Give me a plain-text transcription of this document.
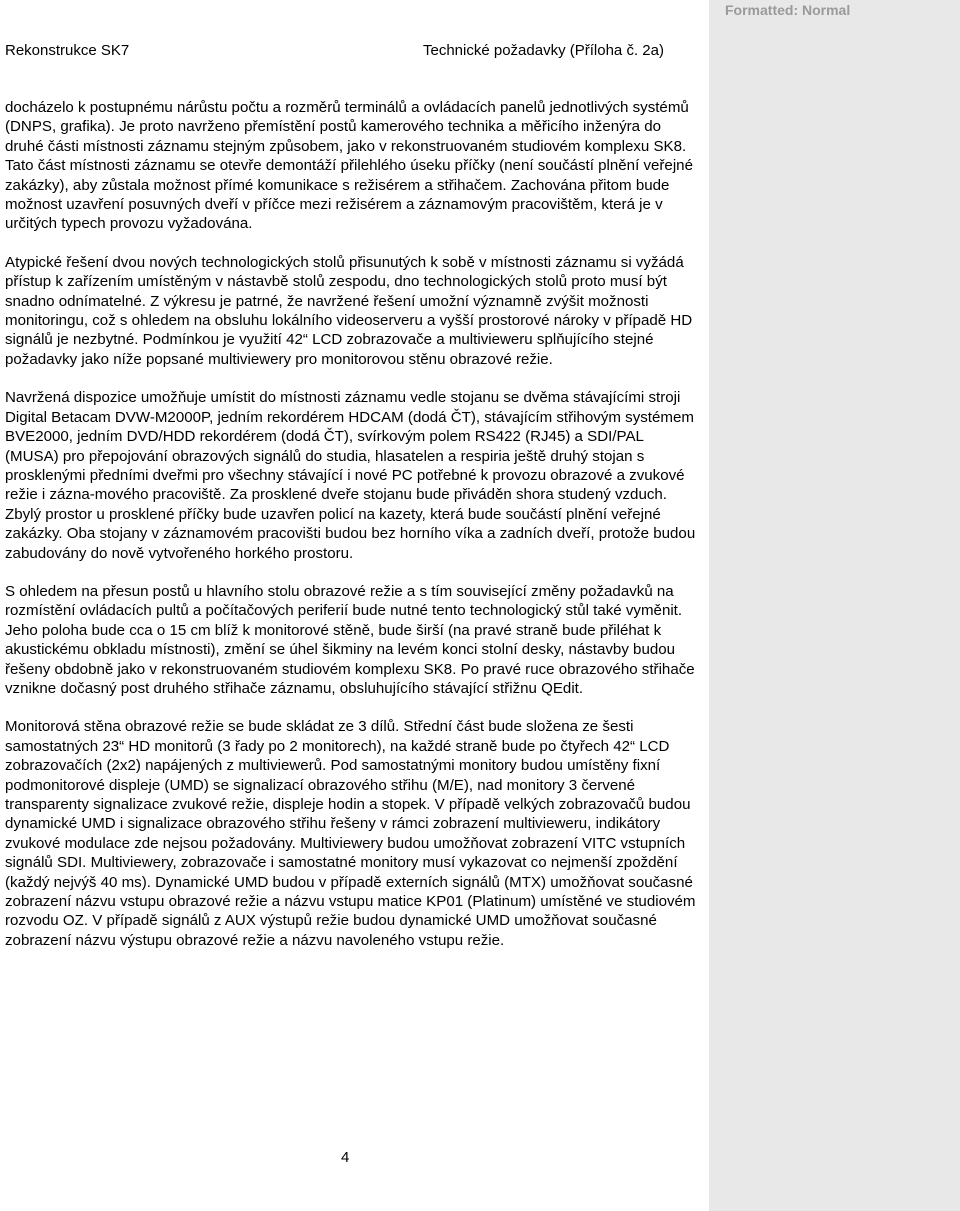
Formatted: Normal
Rekonstrukce SK7	Technické požadavky (Příloha č. 2a)

docházelo k postupnému nárůstu počtu a rozměrů terminálů a ovládacích panelů jednotlivých systémů (DNPS, grafika). Je proto navrženo přemístění postů kamerového technika a měřicího inženýra do druhé části místnosti záznamu stejným způsobem, jako v rekonstruovaném studiovém komplexu SK8. Tato část místnosti záznamu se otevře demontáží přilehlého úseku příčky (není součástí plnění veřejné zakázky), aby zůstala možnost přímé komunikace s režisérem a střihačem. Zachována přitom bude možnost uzavření posuvných dveří v příčce mezi režisérem a záznamovým pracovištěm, která je v určitých typech provozu vyžadována.

Atypické řešení dvou nových technologických stolů přisunutých k sobě v místnosti záznamu si vyžádá přístup k zařízením umístěným v nástavbě stolů zespodu, dno technologických stolů proto musí být snadno odnímatelné. Z výkresu je patrné, že navržené řešení umožní významně zvýšit možnosti monitoringu, což s ohledem na obsluhu lokálního videoserveru a vyšší prostorové nároky v případě HD signálů je nezbytné. Podmínkou je využití 42“ LCD zobrazovače a multivieweru splňujícího stejné požadavky jako níže popsané multiviewery pro monitorovou stěnu obrazové režie.

Navržená dispozice umožňuje umístit do místnosti záznamu vedle stojanu se dvěma stávajícími stroji Digital Betacam DVW-M2000P, jedním rekordérem HDCAM (dodá ČT), stávajícím střihovým systémem BVE2000, jedním DVD/HDD rekordérem (dodá ČT), svírkovým polem RS422 (RJ45) a SDI/PAL (MUSA) pro přepojování obrazových signálů do studia, hlasatelen a respiria ještě druhý stojan s prosklenými předními dveřmi pro všechny stávající i nové PC potřebné k provozu obrazové a zvukové režie i zázna-mového pracoviště. Za prosklené dveře stojanu bude přiváděn shora studený vzduch. Zbylý prostor u prosklené příčky bude uzavřen policí na kazety, která bude součástí plnění veřejné zakázky. Oba stojany v záznamovém pracovišti budou bez horního víka a zadních dveří, protože budou zabudovány do nově vytvořeného horkého prostoru.

S ohledem na přesun postů u hlavního stolu obrazové režie a s tím související změny požadavků na rozmístění ovládacích pultů a počítačových periferií bude nutné tento technologický stůl také vyměnit. Jeho poloha bude cca o 15 cm blíž k monitorové stěně, bude širší (na pravé straně bude přiléhat k akustickému obkladu místnosti), změní se úhel šikminy na levém konci stolní desky, nástavby budou řešeny obdobně jako v rekonstruovaném studiovém komplexu SK8. Po pravé ruce obrazového střihače vznikne dočasný post druhého střihače záznamu, obsluhujícího stávající střižnu QEdit.

Monitorová stěna obrazové režie se bude skládat ze 3 dílů. Střední část bude složena ze šesti samostatných 23“ HD monitorů (3 řady po 2 monitorech), na každé straně bude po čtyřech 42“ LCD zobrazovačích (2x2) napájených z multiviewerů. Pod samostatnými monitory budou umístěny fixní podmonitorové displeje (UMD) se signalizací obrazového střihu (M/E), nad monitory 3 červené transparenty signalizace zvukové režie, displeje hodin a stopek. V případě velkých zobrazovačů budou dynamické UMD i signalizace obrazového střihu řešeny v rámci zobrazení multivieweru, indikátory zvukové modulace zde nejsou požadovány. Multiviewery budou umožňovat zobrazení VITC vstupních signálů SDI. Multiviewery, zobrazovače i samostatné monitory musí vykazovat co nejmenší zpoždění (každý nejvýš 40 ms). Dynamické UMD budou v případě externích signálů (MTX) umožňovat současné zobrazení názvu vstupu obrazové režie a názvu vstupu matice KP01 (Platinum) umístěné ve studiovém rozvodu OZ. V případě signálů z AUX výstupů režie budou dynamické UMD umožňovat současné zobrazení názvu výstupu obrazové režie a názvu navoleného vstupu režie.

4
